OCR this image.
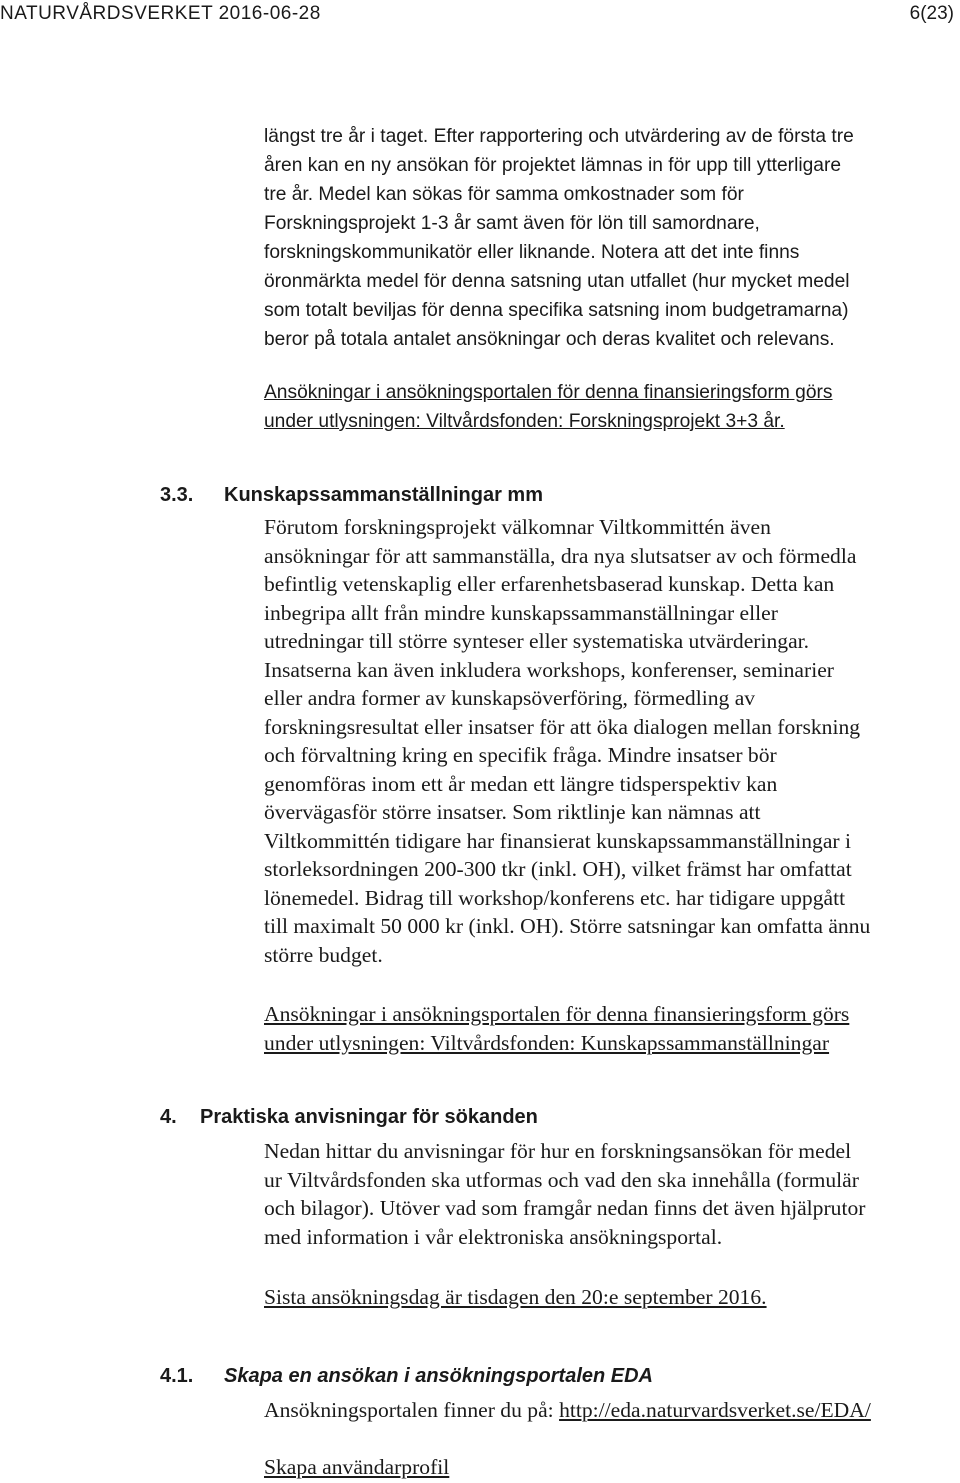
NATURVÅRDSVERKET 2016-06-28	6(23)
längst tre år i taget. Efter rapportering och utvärdering av de första tre
åren kan en ny ansökan för projektet lämnas in för upp till ytterligare
tre år. Medel kan sökas för samma omkostnader som för
Forskningsprojekt 1-3 år samt även för lön till samordnare,
forskningskommunikatör eller liknande. Notera att det inte finns
öronmärkta medel för denna satsning utan utfallet (hur mycket medel
som totalt beviljas för denna specifika satsning inom budgetramarna)
beror på totala antalet ansökningar och deras kvalitet och relevans.
Ansökningar i ansökningsportalen för denna finansieringsform görs
under utlysningen: Viltvårdsfonden: Forskningsprojekt 3+3 år.
3.3. Kunskapssammanställningar mm
Förutom forskningsprojekt välkomnar Viltkommittén även
ansökningar för att sammanställa, dra nya slutsatser av och förmedla
befintlig vetenskaplig eller erfarenhetsbaserad kunskap. Detta kan
inbegripa allt från mindre kunskapssammanställningar eller
utredningar till större synteser eller systematiska utvärderingar.
Insatserna kan även inkludera workshops, konferenser, seminarier
eller andra former av kunskapsöverföring, förmedling av
forskningsresultat eller insatser för att öka dialogen mellan forskning
och förvaltning kring en specifik fråga. Mindre insatser bör
genomföras inom ett år medan ett längre tidsperspektiv kan
övervägasför större insatser. Som riktlinje kan nämnas att
Viltkommittén tidigare har finansierat kunskapssammanställningar i
storleksordningen 200-300 tkr (inkl. OH), vilket främst har omfattat
lönemedel. Bidrag till workshop/konferens etc. har tidigare uppgått
till maximalt 50 000 kr (inkl. OH). Större satsningar kan omfatta ännu
större budget.
Ansökningar i ansökningsportalen för denna finansieringsform görs
under utlysningen: Viltvårdsfonden: Kunskapssammanställningar
4. Praktiska anvisningar för sökanden
Nedan hittar du anvisningar för hur en forskningsansökan för medel
ur Viltvårdsfonden ska utformas och vad den ska innehålla (formulär
och bilagor). Utöver vad som framgår nedan finns det även hjälprutor
med information i vår elektroniska ansökningsportal.
Sista ansökningsdag är tisdagen den 20:e september 2016.
4.1. Skapa en ansökan i ansökningsportalen EDA
Ansökningsportalen finner du på: http://eda.naturvardsverket.se/EDA/
Skapa användarprofil
